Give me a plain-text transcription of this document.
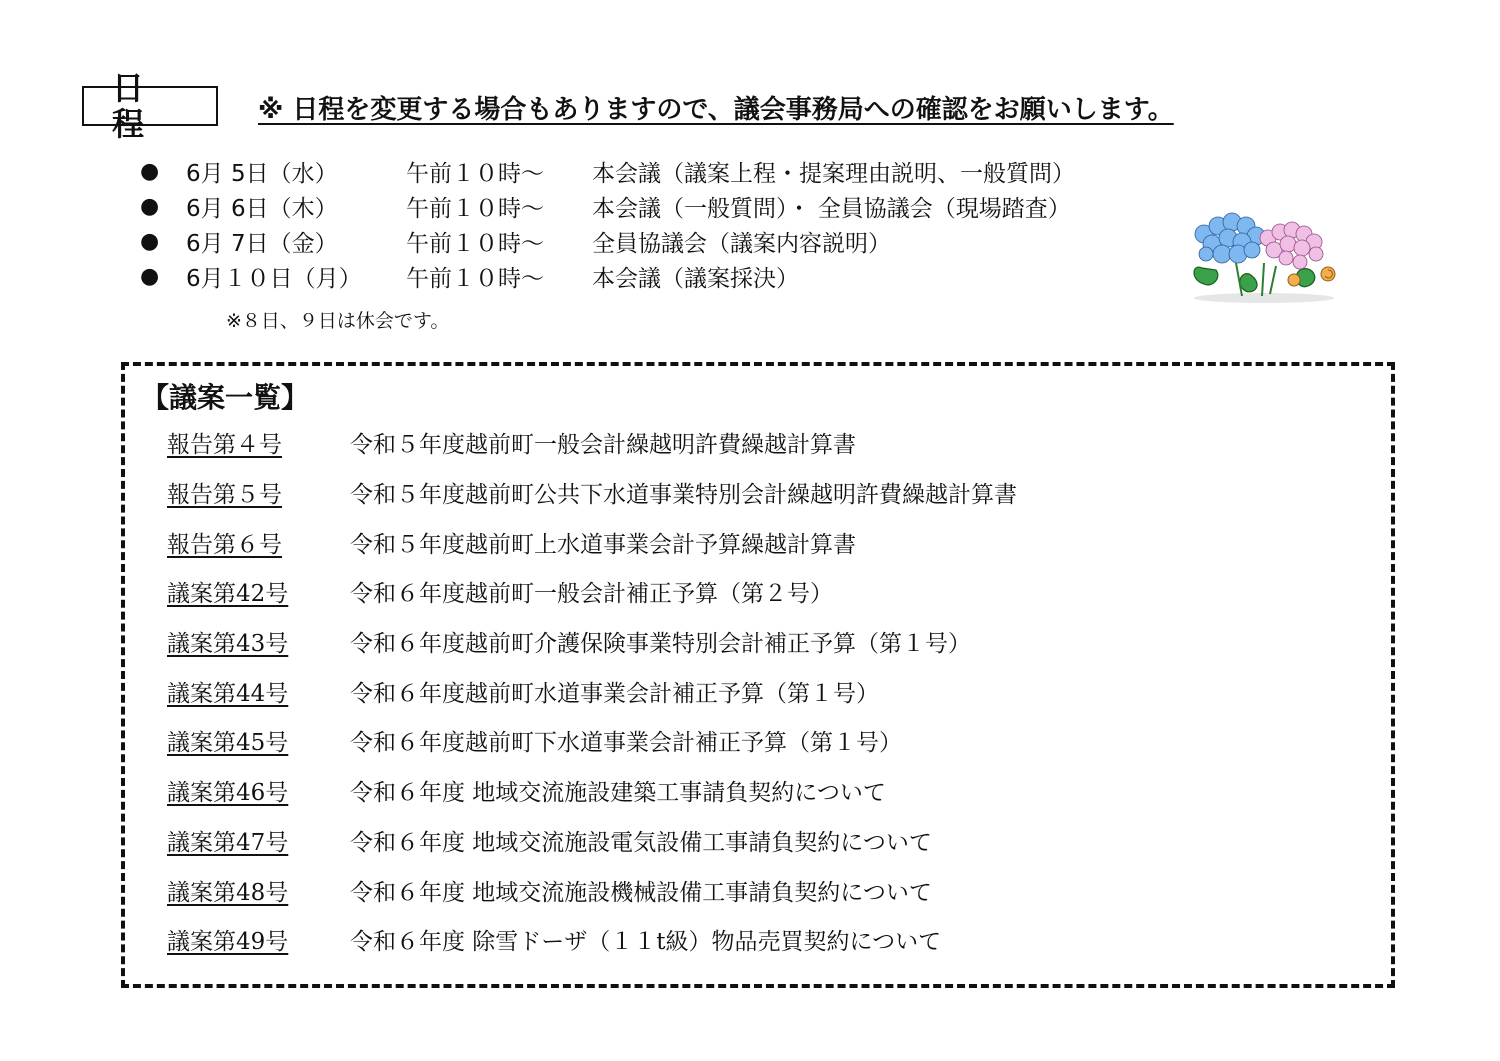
日 程	※ 日程を変更する場合もありますので、議会事務局への確認をお願いします。
●	6月 5日（水）	午前１０時～	本会議（議案上程・提案理由説明、一般質問）
●	6月 6日（木）	午前１０時～	本会議（一般質問）・ 全員協議会（現場踏査）
●	6月 7日（金）	午前１０時～	全員協議会（議案内容説明）
●	6月１０日（月）	午前１０時～	本会議（議案採決）
※８日、９日は休会です。
【議案一覧】
報告第４号	令和５年度越前町一般会計繰越明許費繰越計算書
報告第５号	令和５年度越前町公共下水道事業特別会計繰越明許費繰越計算書
報告第６号	令和５年度越前町上水道事業会計予算繰越計算書
議案第42号	令和６年度越前町一般会計補正予算（第２号）
議案第43号	令和６年度越前町介護保険事業特別会計補正予算（第１号）
議案第44号	令和６年度越前町水道事業会計補正予算（第１号）
議案第45号	令和６年度越前町下水道事業会計補正予算（第１号）
議案第46号	令和６年度 地域交流施設建築工事請負契約について
議案第47号	令和６年度 地域交流施設電気設備工事請負契約について
議案第48号	令和６年度 地域交流施設機械設備工事請負契約について
議案第49号	令和６年度 除雪ドーザ（１１t級）物品売買契約について
